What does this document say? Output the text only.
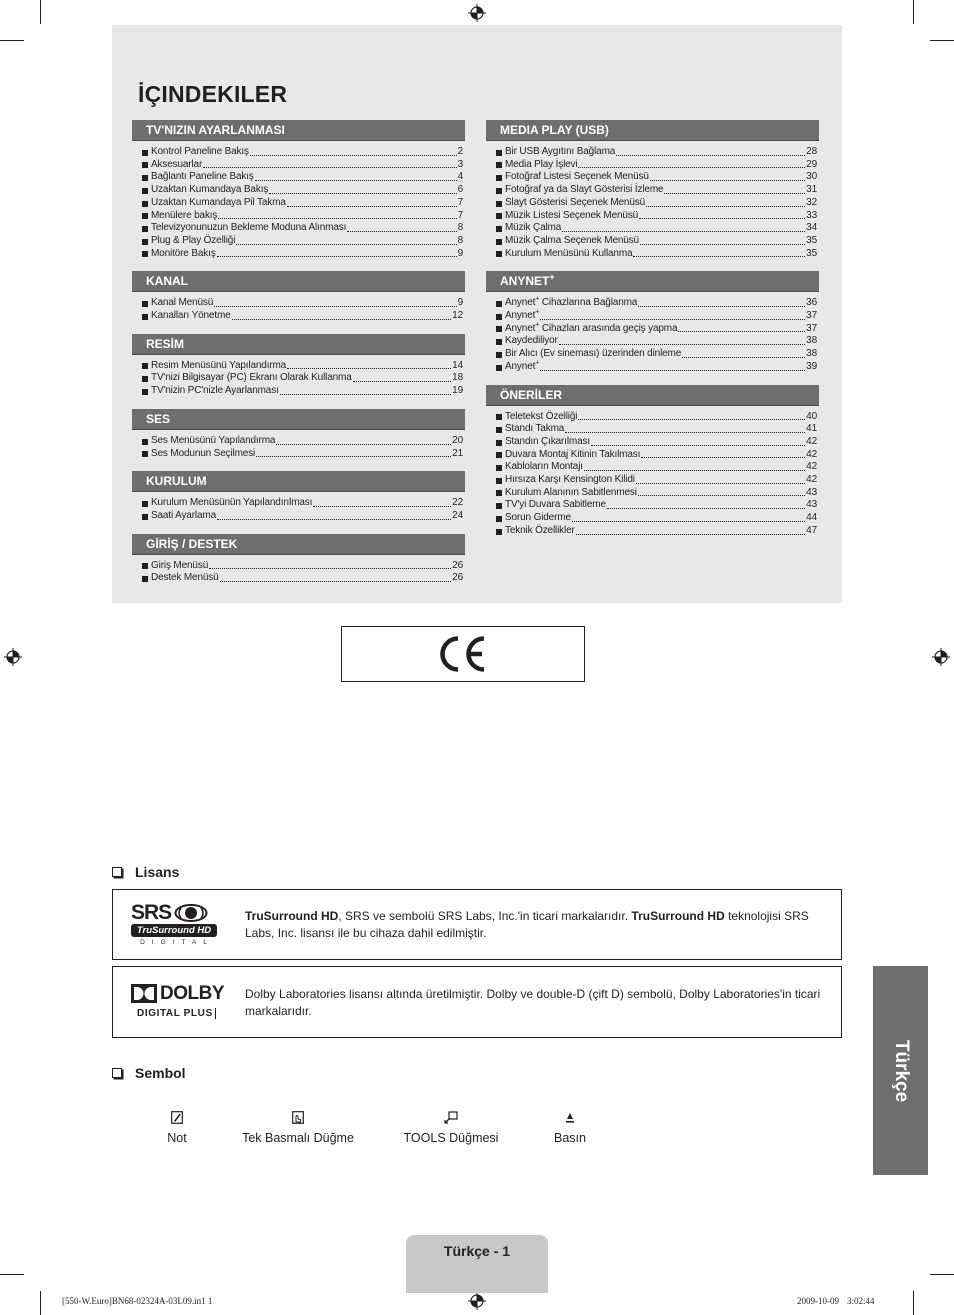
İÇINDEKILER
TV'NIZIN AYARLANMASI
Kontrol Paneline Bakış	2
Aksesuarlar	3
Bağlantı Paneline Bakış	4
Uzaktan Kumandaya Bakış	6
Uzaktan Kumandaya Pil Takma	7
Menülere bakış	7
Televizyonunuzun Bekleme Moduna Alınması	8
Plug & Play Özelliği	8
Monitöre Bakış	9
KANAL
Kanal Menüsü	9
Kanalları Yönetme	12
RESİM
Resim Menüsünü Yapılandırma	14
TV'nizi Bilgisayar (PC) Ekranı Olarak Kullanma	18
TV'nizin PC'nizle Ayarlanması	19
SES
Ses Menüsünü Yapılandırma	20
Ses Modunun Seçilmesi	21
KURULUM
Kurulum Menüsünün Yapılandırılması	22
Saati Ayarlama	24
GİRİŞ / DESTEK
Giriş Menüsü	26
Destek Menüsü	26
MEDIA PLAY (USB)
Bir USB Aygıtını Bağlama	28
Media Play İşlevi	29
Fotoğraf Listesi Seçenek Menüsü	30
Fotoğraf ya da Slayt Gösterisi İzleme	31
Slayt Gösterisi Seçenek Menüsü	32
Müzik Listesi Seçenek Menüsü	33
Müzik Çalma	34
Müzik Çalma Seçenek Menüsü	35
Kurulum Menüsünü Kullanma	35
ANYNET+
Anynet+ Cihazlarına Bağlanma	36
Anynet+	37
Anynet+ Cihazları arasında geçiş yapma	37
Kaydediliyor	38
Bir Alıcı (Ev sineması) üzerinden dinleme	38
Anynet+	39
ÖNERİLER
Teletekst Özelliği	40
Standı Takma	41
Standın Çıkarılması	42
Duvara Montaj Kitinin Takılması	42
Kabloların Montajı	42
Hırsıza Karşı Kensington Kilidi	42
Kurulum Alanının Sabitlenmesi	43
TV'yi Duvara Sabitleme	43
Sorun Giderme	44
Teknik Özellikler	47
Lisans
SRS
TruSurround HD
DIGITAL
TruSurround HD, SRS ve sembolü SRS Labs, Inc.'in ticari markalarıdır. TruSurround HD teknolojisi SRS Labs, Inc. lisansı ile bu cihaza dahil edilmiştir.
DOLBY
DIGITAL PLUS
Dolby Laboratories lisansı altında üretilmiştir. Dolby ve double-D (çift D) sembolü, Dolby Laboratories'in ticari markalarıdır.
Sembol
Not	Tek Basmalı Düğme	TOOLS Düğmesi	Basın
Türkçe
Türkçe - 1
[550-W.Euro]BN68-02324A-03L09.in1 1	2009-10-09 3:02:44
